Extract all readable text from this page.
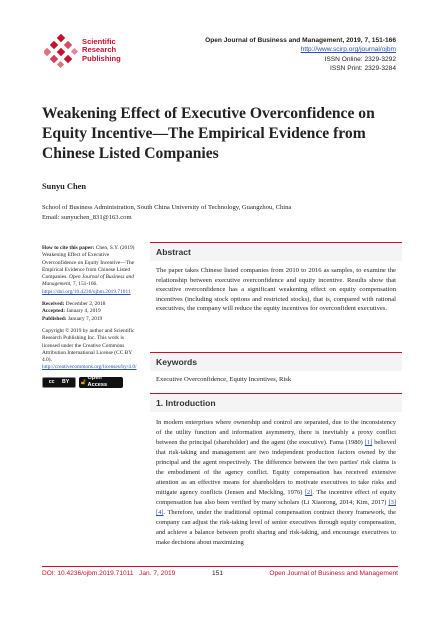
Scientific
Research
Publishing
Open Journal of Business and Management, 2019, 7, 151-166
http://www.scirp.org/journal/ojbm
ISSN Online: 2329-3292
ISSN Print: 2329-3284
Weakening Effect of Executive Overconfidence on Equity Incentive—The Empirical Evidence from Chinese Listed Companies
Sunyu Chen
School of Business Administration, South China University of Technology, Guangzhou, China
Email: sunyuchen_831@163.com

How to cite this paper: Chen, S.Y. (2019) Weakening Effect of Executive Overconfidence on Equity Incentive—The Empirical Evidence from Chinese Listed Companies. Open Journal of Business and Management, 7, 151-166.
https://doi.org/10.4236/ojbm.2019.71011

Received: December 2, 2018
Accepted: January 4, 2019
Published: January 7, 2019

Copyright © 2019 by author and Scientific Research Publishing Inc. This work is licensed under the Creative Commons Attribution International License (CC BY 4.0).
http://creativecommons.org/licenses/by/4.0/

cc BY 🔓︎
Open Access
Abstract
The paper takes Chinese listed companies from 2010 to 2016 as samples, to examine the relationship between executive overconfidence and equity incentive. Results show that executive overconfidence has a significant weakening effect on equity compensation incentives (including stock options and restricted stocks), that is, compared with rational executives, the company will reduce the equity incentives for overconfident executives.
Keywords
Executive Overconfidence, Equity Incentives, Risk
1. Introduction
In modern enterprises where ownership and control are separated, due to the inconsistency of the utility function and information asymmetry, there is inevitably a proxy conflict between the principal (shareholder) and the agent (the executive). Fama (1980) [1] believed that risk-taking and management are two independent production factors owned by the principal and the agent respectively. The difference between the two parties' risk claims is the embodiment of the agency conflict. Equity compensation has received extensive attention as an effective means for shareholders to motivate executives to take risks and mitigate agency conflicts (Jensen and Meckling, 1976) [2]. The incentive effect of equity compensation has also been verified by many scholars (Li Xiaorong, 2014; Kim, 2017) [3] [4]. Therefore, under the traditional optimal compensation contract theory framework, the company can adjust the risk-taking level of senior executives through equity compensation, and achieve a balance between profit sharing and risk-taking, and encourage executives to make decisions about maximizing
DOI: 10.4236/ojbm.2019.71011 Jan. 7, 2019	151	Open Journal of Business and Management
